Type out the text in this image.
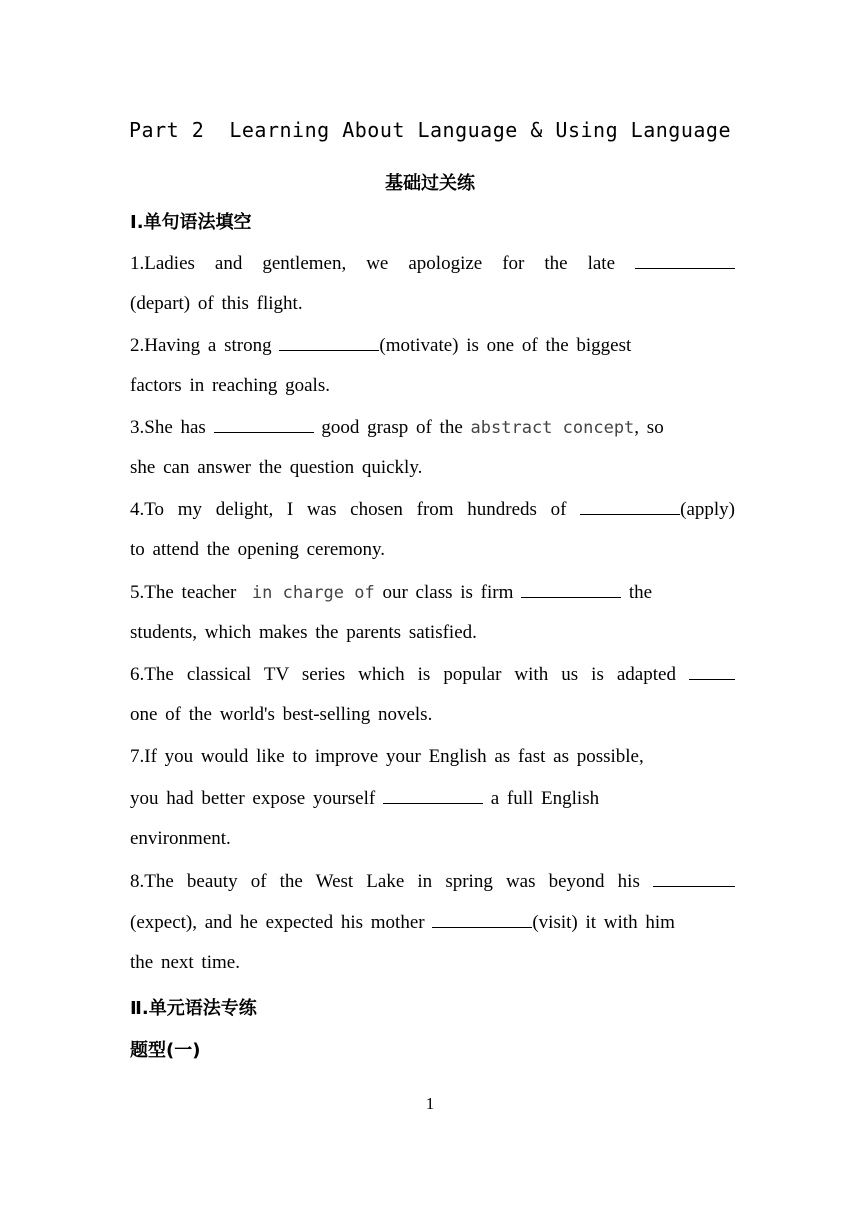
Part 2  Learning About Language & Using Language
基础过关练
Ⅰ.单句语法填空
1.Ladies and gentlemen, we apologize for the late
(depart) of this flight.
2.Having a strong	(motivate) is one of the biggest
factors in reaching goals.
3.She has	good grasp of the abstract concept, so
she can answer the question quickly.
4.To my delight, I was chosen from hundreds of	(apply)
to attend the opening ceremony.
5.The teacher in charge of our class is firm	the
students, which makes the parents satisfied.
6.The classical TV series which is popular with us is adapted
one of the world's best-selling novels.
7.If you would like to improve your English as fast as possible,
you had better expose yourself	a full English
environment.
8.The beauty of the West Lake in spring was beyond his
(expect), and he expected his mother	(visit) it with him
the next time.
Ⅱ.单元语法专练
题型(一)
1
